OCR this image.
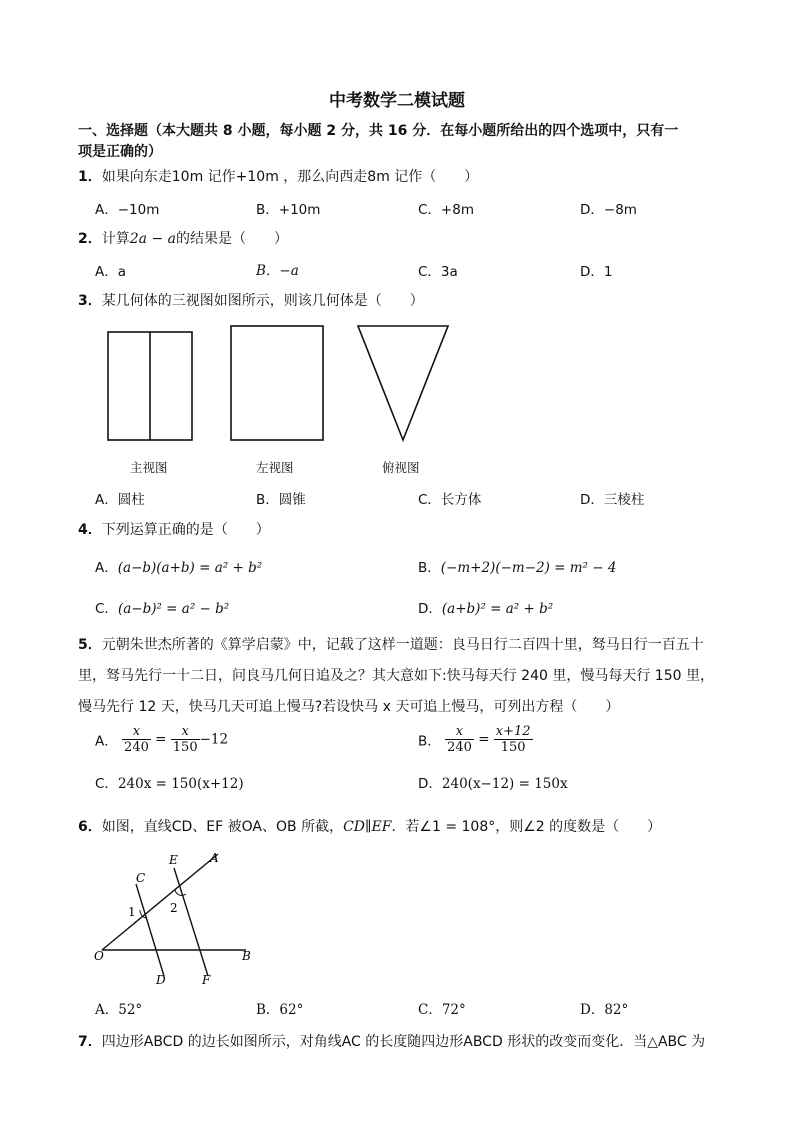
中考数学二模试题
一、选择题（本大题共 8 小题，每小题 2 分，共 16 分．在每小题所给出的四个选项中，只有一
项是正确的）
1．如果向东走10m 记作+10m ，那么向西走8m 记作（　　）
A．−10m	B．+10m	C．+8m	D．−8m
2．计算2a − a的结果是（　　）
A．a	B．−a	C．3a	D．1
3．某几何体的三视图如图所示，则该几何体是（　　）
主视图	左视图	俯视图
A．圆柱	B．圆锥	C．长方体	D．三棱柱
4．下列运算正确的是（　　）
A．(a−b)(a+b) = a² + b²	B．(−m+2)(−m−2) = m² − 4
C．(a−b)² = a² − b²	D．(a+b)² = a² + b²
5．元朝朱世杰所著的《算学启蒙》中，记载了这样一道题：良马日行二百四十里，驽马日行一百五十
里，驽马先行一十二日，问良马几何日追及之？其大意如下:快马每天行 240 里，慢马每天行 150 里，
慢马先行 12 天，快马几天可追上慢马?若设快马 x 天可追上慢马，可列出方程（　　）
A． $\frac{x}{240} = \frac{x}{150} -12$	B． $\frac{x}{240} = \frac{x+12}{150}$
C．240x = 150(x+12)	D．240(x−12) = 150x
6．如图，直线CD、EF 被OA、OB 所截，CD∥EF．若∠1 = 108°，则∠2 的度数是（　　）
E	A
C
1	2
O
D	F
B
A．52°	B．62°	C．72°	D．82°
7．四边形ABCD 的边长如图所示，对角线AC 的长度随四边形ABCD 形状的改变而变化．当△ABC 为
